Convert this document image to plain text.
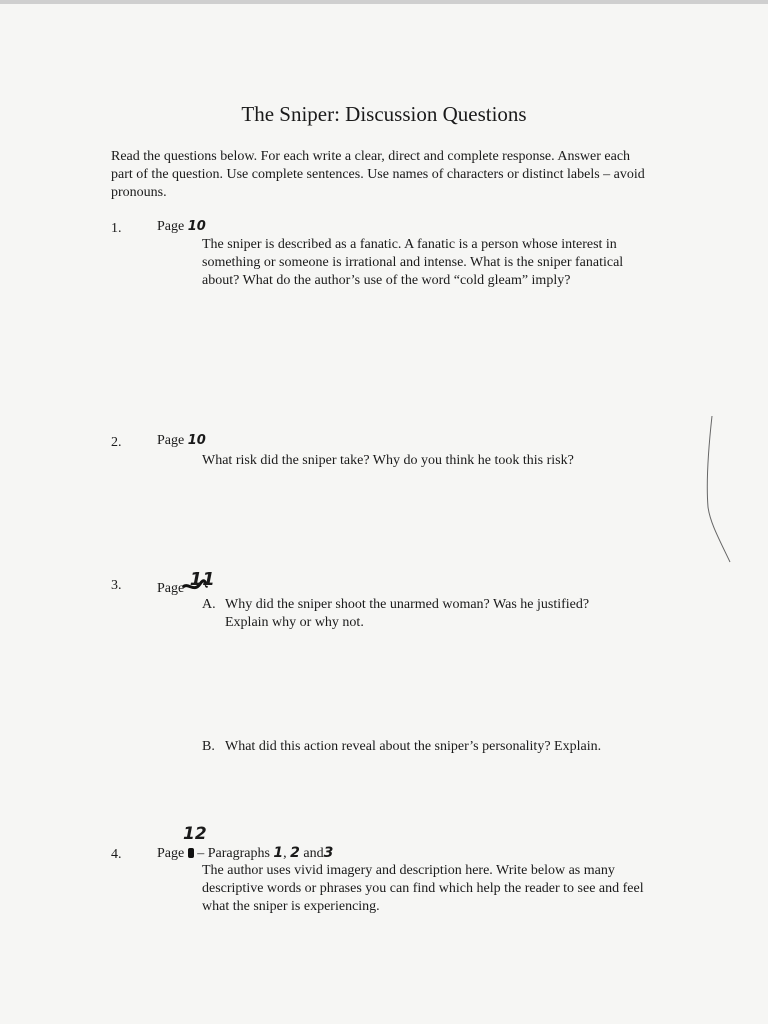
The Sniper: Discussion Questions
Read the questions below. For each write a clear, direct and complete response. Answer each part of the question. Use complete sentences. Use names of characters or distinct labels – avoid pronouns.
1.	Page 10
The sniper is described as a fanatic. A fanatic is a person whose interest in something or someone is irrational and intense. What is the sniper fanatical about? What do the author’s use of the word “cold gleam” imply?
2.	Page 10
What risk did the sniper take? Why do you think he took this risk?
3.	Page 11
A. Why did the sniper shoot the unarmed woman? Was he justified? Explain why or why not.
B. What did this action reveal about the sniper’s personality? Explain.
12
4.	Page  – Paragraphs 1, 2 and3
The author uses vivid imagery and description here. Write below as many descriptive words or phrases you can find which help the reader to see and feel what the sniper is experiencing.
